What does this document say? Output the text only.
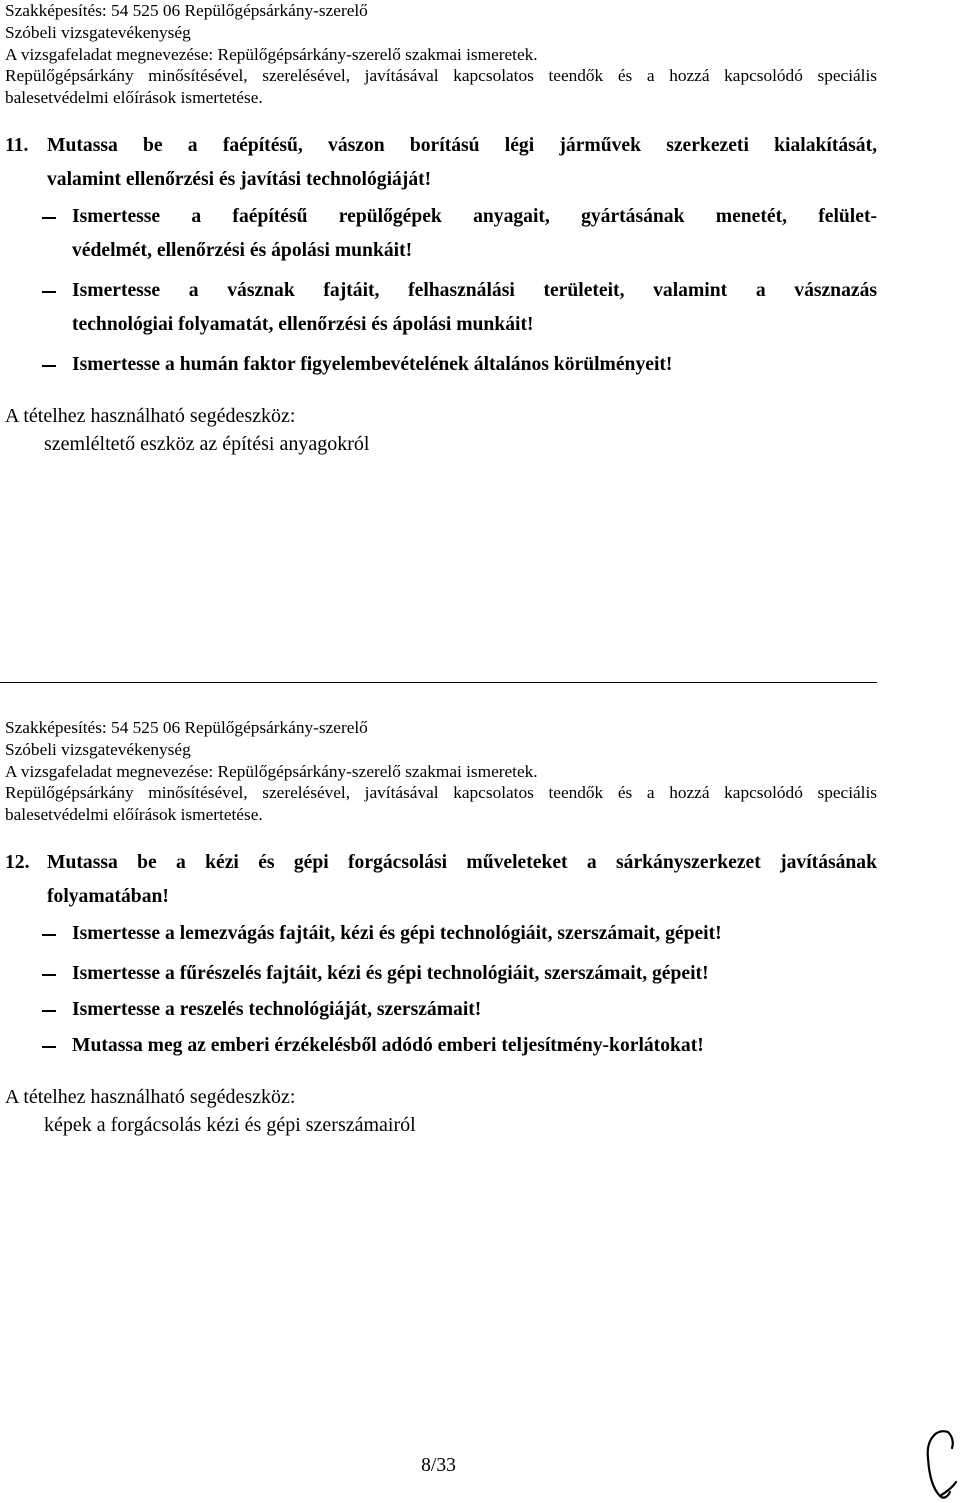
Szakképesítés: 54 525 06 Repülőgépsárkány-szerelő
Szóbeli vizsgatevékenység
A vizsgafeladat megnevezése: Repülőgépsárkány-szerelő szakmai ismeretek.
Repülőgépsárkány minősítésével, szerelésével, javításával kapcsolatos teendők és a hozzá kapcsolódó speciális
balesetvédelmi előírások ismertetése.
11. Mutassa be a faépítésű, vászon borítású légi járművek szerkezeti kialakítását,
valamint ellenőrzési és javítási technológiáját!
Ismertesse a faépítésű repülőgépek anyagait, gyártásának menetét, felület-
védelmét, ellenőrzési és ápolási munkáit!
Ismertesse a vásznak fajtáit, felhasználási területeit, valamint a vásznazás
technológiai folyamatát, ellenőrzési és ápolási munkáit!
Ismertesse a humán faktor figyelembevételének általános körülményeit!
A tételhez használható segédeszköz:
szemléltető eszköz az építési anyagokról
Szakképesítés: 54 525 06 Repülőgépsárkány-szerelő
Szóbeli vizsgatevékenység
A vizsgafeladat megnevezése: Repülőgépsárkány-szerelő szakmai ismeretek.
Repülőgépsárkány minősítésével, szerelésével, javításával kapcsolatos teendők és a hozzá kapcsolódó speciális
balesetvédelmi előírások ismertetése.
12. Mutassa be a kézi és gépi forgácsolási műveleteket a sárkányszerkezet javításának
folyamatában!
Ismertesse a lemezvágás fajtáit, kézi és gépi technológiáit, szerszámait, gépeit!
Ismertesse a fűrészelés fajtáit, kézi és gépi technológiáit, szerszámait, gépeit!
Ismertesse a reszelés technológiáját, szerszámait!
Mutassa meg az emberi érzékelésből adódó emberi teljesítmény-korlátokat!
A tételhez használható segédeszköz:
képek a forgácsolás kézi és gépi szerszámairól
8/33
